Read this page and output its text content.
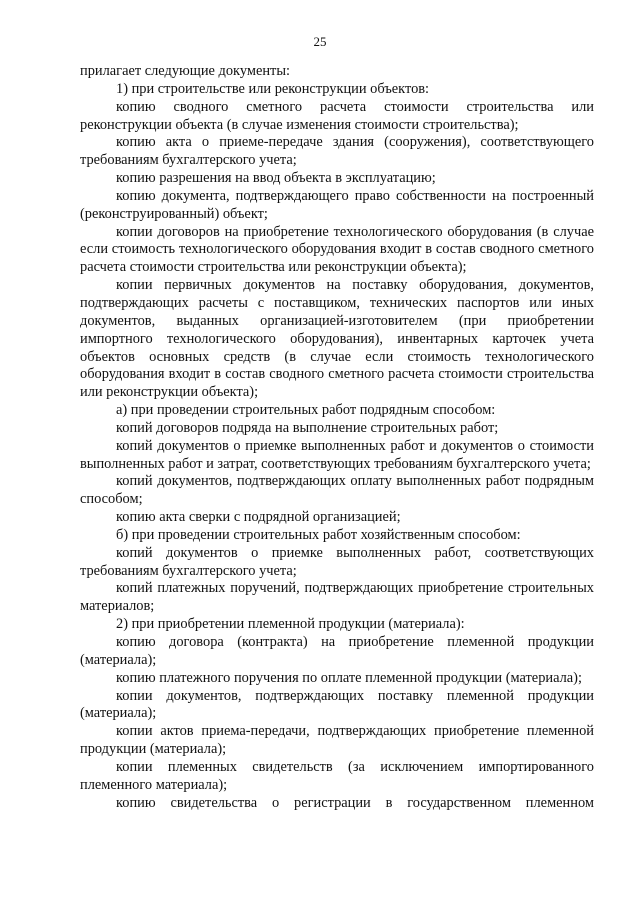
25

прилагает следующие документы:

1) при строительстве или реконструкции объектов:

копию сводного сметного расчета стоимости строительства или реконструкции объекта (в случае изменения стоимости строительства);

копию акта о приеме-передаче здания (сооружения), соответствующего требованиям бухгалтерского учета;

копию разрешения на ввод объекта в эксплуатацию;

копию документа, подтверждающего право собственности на построенный (реконструированный) объект;

копии договоров на приобретение технологического оборудования (в случае если стоимость технологического оборудования входит в состав сводного сметного расчета стоимости строительства или реконструкции объекта);

копии первичных документов на поставку оборудования, документов, подтверждающих расчеты с поставщиком, технических паспортов или иных документов, выданных организацией-изготовителем (при приобретении импортного технологического оборудования), инвентарных карточек учета объектов основных средств (в случае если стоимость технологического оборудования входит в состав сводного сметного расчета стоимости строительства или реконструкции объекта);

а) при проведении строительных работ подрядным способом:

копий договоров подряда на выполнение строительных работ;

копий документов о приемке выполненных работ и документов о стоимости выполненных работ и затрат, соответствующих требованиям бухгалтерского учета;

копий документов, подтверждающих оплату выполненных работ подрядным способом;

копию акта сверки с подрядной организацией;

б) при проведении строительных работ хозяйственным способом:

копий документов о приемке выполненных работ, соответствующих требованиям бухгалтерского учета;

копий платежных поручений, подтверждающих приобретение строительных материалов;

2) при приобретении племенной продукции (материала):

копию договора (контракта) на приобретение племенной продукции (материала);

копию платежного поручения по оплате племенной продукции (материала);

копии документов, подтверждающих поставку племенной продукции (материала);

копии актов приема-передачи, подтверждающих приобретение племенной продукции (материала);

копии племенных свидетельств (за исключением импортированного племенного материала);

копию свидетельства о регистрации в государственном племенном
